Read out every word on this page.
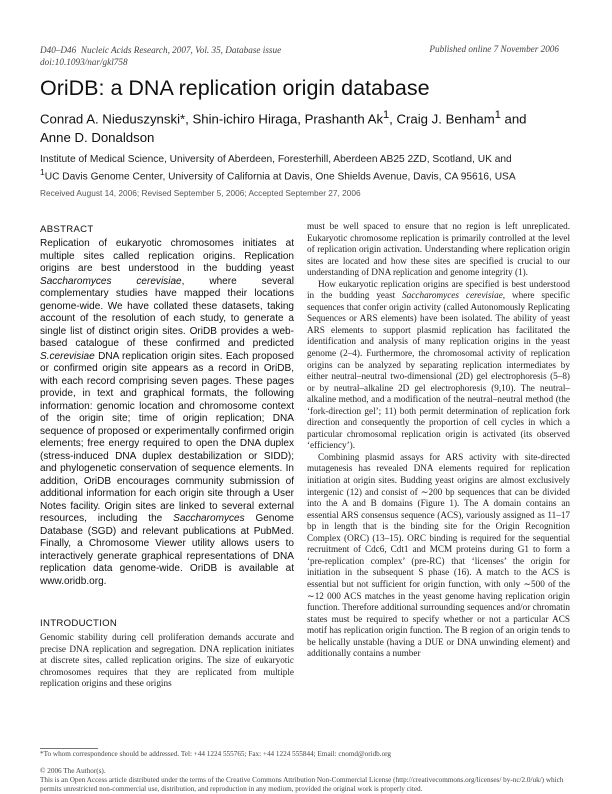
D40–D46 Nucleic Acids Research, 2007, Vol. 35, Database issue
doi:10.1093/nar/gkl758
Published online 7 November 2006
OriDB: a DNA replication origin database
Conrad A. Nieduszynski*, Shin-ichiro Hiraga, Prashanth Ak$^1$, Craig J. Benham$^1$ and
Anne D. Donaldson
Institute of Medical Science, University of Aberdeen, Foresterhill, Aberdeen AB25 2ZD, Scotland, UK and
$^1$UC Davis Genome Center, University of California at Davis, One Shields Avenue, Davis, CA 95616, USA
Received August 14, 2006; Revised September 5, 2006; Accepted September 27, 2006
ABSTRACT

Replication of eukaryotic chromosomes initiates at multiple sites called replication origins. Replication origins are best understood in the budding yeast Saccharomyces cerevisiae, where several complementary studies have mapped their locations genome-wide. We have collated these datasets, taking account of the resolution of each study, to generate a single list of distinct origin sites. OriDB provides a web-based catalogue of these confirmed and predicted S.cerevisiae DNA replication origin sites. Each proposed or confirmed origin site appears as a record in OriDB, with each record comprising seven pages. These pages provide, in text and graphical formats, the following information: genomic location and chromosome context of the origin site; time of origin replication; DNA sequence of proposed or experimentally confirmed origin elements; free energy required to open the DNA duplex (stress-induced DNA duplex destabilization or SIDD); and phylogenetic conservation of sequence elements. In addition, OriDB encourages community submission of additional information for each origin site through a User Notes facility. Origin sites are linked to several external resources, including the Saccharomyces Genome Database (SGD) and relevant publications at PubMed. Finally, a Chromosome Viewer utility allows users to interactively generate graphical representations of DNA replication data genome-wide. OriDB is available at www.oridb.org.

INTRODUCTION

Genomic stability during cell proliferation demands accurate and precise DNA replication and segregation. DNA replication initiates at discrete sites, called replication origins. The size of eukaryotic chromosomes requires that they are replicated from multiple replication origins and these origins

must be well spaced to ensure that no region is left unreplicated. Eukaryotic chromosome replication is primarily controlled at the level of replication origin activation. Understanding where replication origin sites are located and how these sites are specified is crucial to our understanding of DNA replication and genome integrity (1).

How eukaryotic replication origins are specified is best understood in the budding yeast Saccharomyces cerevisiae, where specific sequences that confer origin activity (called Autonomously Replicating Sequences or ARS elements) have been isolated. The ability of yeast ARS elements to support plasmid replication has facilitated the identification and analysis of many replication origins in the yeast genome (2–4). Furthermore, the chromosomal activity of replication origins can be analyzed by separating replication intermediates by either neutral–neutral two-dimensional (2D) gel electrophoresis (5–8) or by neutral–alkaline 2D gel electrophoresis (9,10). The neutral–alkaline method, and a modification of the neutral–neutral method (the ‘fork-direction gel’; 11) both permit determination of replication fork direction and consequently the proportion of cell cycles in which a particular chromosomal replication origin is activated (its observed ‘efficiency’).

Combining plasmid assays for ARS activity with site-directed mutagenesis has revealed DNA elements required for replication initiation at origin sites. Budding yeast origins are almost exclusively intergenic (12) and consist of ∼200 bp sequences that can be divided into the A and B domains (Figure 1). The A domain contains an essential ARS consensus sequence (ACS), variously assigned as 11–17 bp in length that is the binding site for the Origin Recognition Complex (ORC) (13–15). ORC binding is required for the sequential recruitment of Cdc6, Cdt1 and MCM proteins during G1 to form a ‘pre-replication complex’ (pre-RC) that ‘licenses’ the origin for initiation in the subsequent S phase (16). A match to the ACS is essential but not sufficient for origin function, with only ∼500 of the ∼12 000 ACS matches in the yeast genome having replication origin function. Therefore additional surrounding sequences and/or chromatin states must be required to specify whether or not a particular ACS motif has replication origin function. The B region of an origin tends to be helically unstable (having a DUE or DNA unwinding element) and additionally contains a number

*To whom correspondence should be addressed. Tel: +44 1224 555765; Fax: +44 1224 555844; Email: cnomd@oridb.org
© 2006 The Author(s).
This is an Open Access article distributed under the terms of the Creative Commons Attribution Non-Commercial License (http://creativecommons.org/licenses/ by-nc/2.0/uk/) which permits unrestricted non-commercial use, distribution, and reproduction in any medium, provided the original work is properly cited.
